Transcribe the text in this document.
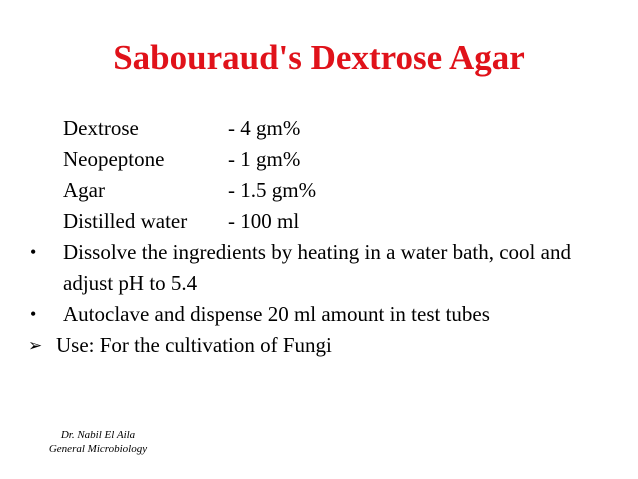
Sabouraud's Dextrose Agar
Dextrose	- 4 gm%
Neopeptone	- 1 gm%
Agar	- 1.5 gm%
Distilled water - 100 ml
•	Dissolve the ingredients by heating in a water bath, cool and adjust pH to 5.4
•	Autoclave and dispense 20 ml amount in test tubes
➢ Use: For the cultivation of Fungi
Dr. Nabil El Aila
General Microbiology
